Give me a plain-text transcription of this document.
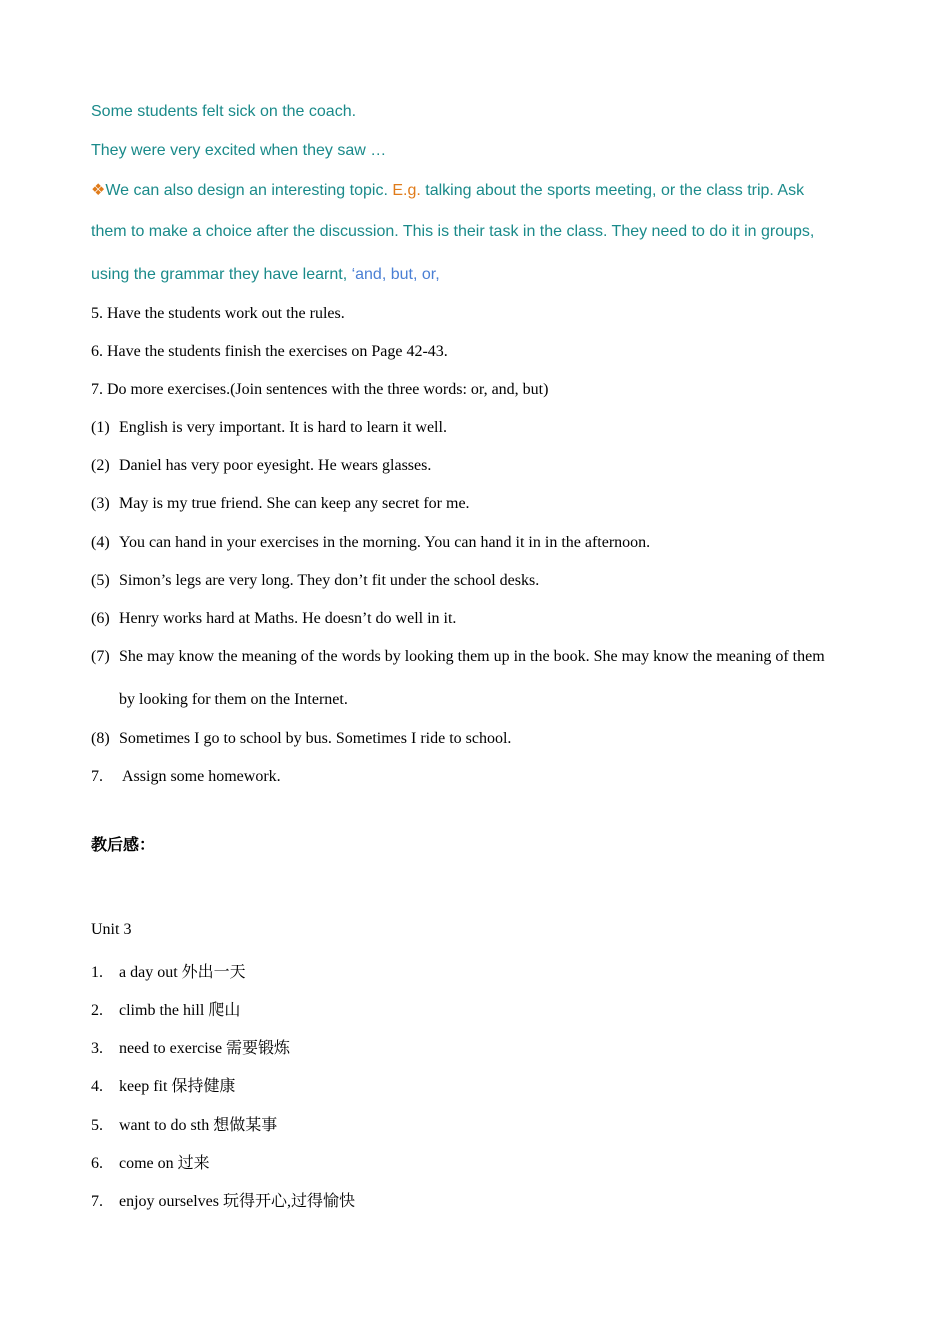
Some students felt sick on the coach.
They were very excited when they saw …
❖We can also design an interesting topic. E.g. talking about the sports meeting, or the class trip. Ask
them to make a choice after the discussion. This is their task in the class. They need to do it in groups,
using the grammar they have learnt, ‘and, but, or,
5. Have the students work out the rules.
6. Have the students finish the exercises on Page 42-43.
7. Do more exercises.(Join sentences with the three words: or, and, but)
(1) English is very important. It is hard to learn it well.
(2) Daniel has very poor eyesight. He wears glasses.
(3) May is my true friend. She can keep any secret for me.
(4) You can hand in your exercises in the morning. You can hand it in in the afternoon.
(5) Simon’s legs are very long. They don’t fit under the school desks.
(6) Henry works hard at Maths. He doesn’t do well in it.
(7) She may know the meaning of the words by looking them up in the book. She may know the meaning of them
by looking for them on the Internet.
(8) Sometimes I go to school by bus. Sometimes I ride to school.
7. Assign some homework.
教后感：
Unit 3
1. a day out 外出一天
2. climb the hill 爬山
3. need to exercise 需要锻炼
4. keep fit 保持健康
5. want to do sth 想做某事
6. come on 过来
7. enjoy ourselves 玩得开心,过得愉快
